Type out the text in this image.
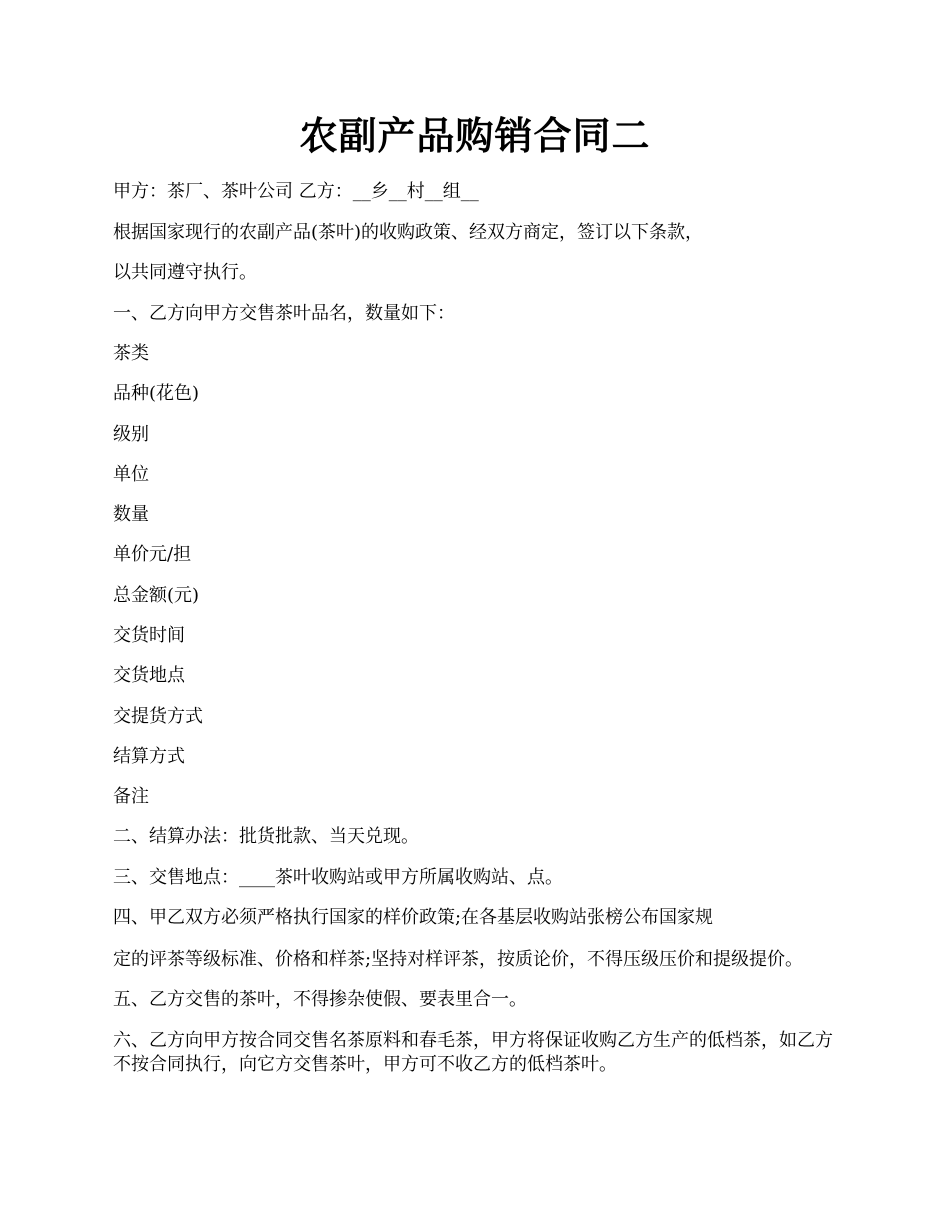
农副产品购销合同二

甲方：茶厂、茶叶公司 乙方：__乡__村__组__

根据国家现行的农副产品(茶叶)的收购政策、经双方商定，签订以下条款，

以共同遵守执行。

一、乙方向甲方交售茶叶品名，数量如下：

茶类

品种(花色)

级别

单位

数量

单价元/担

总金额(元)

交货时间

交货地点

交提货方式

结算方式

备注

二、结算办法：批货批款、当天兑现。

三、交售地点：____茶叶收购站或甲方所属收购站、点。

四、甲乙双方必须严格执行国家的样价政策;在各基层收购站张榜公布国家规

定的评茶等级标准、价格和样茶;坚持对样评茶，按质论价，不得压级压价和提级提价。

五、乙方交售的茶叶，不得掺杂使假、要表里合一。

六、乙方向甲方按合同交售名茶原料和春毛茶，甲方将保证收购乙方生产的低档茶，如乙方不按合同执行，向它方交售茶叶，甲方可不收乙方的低档茶叶。
